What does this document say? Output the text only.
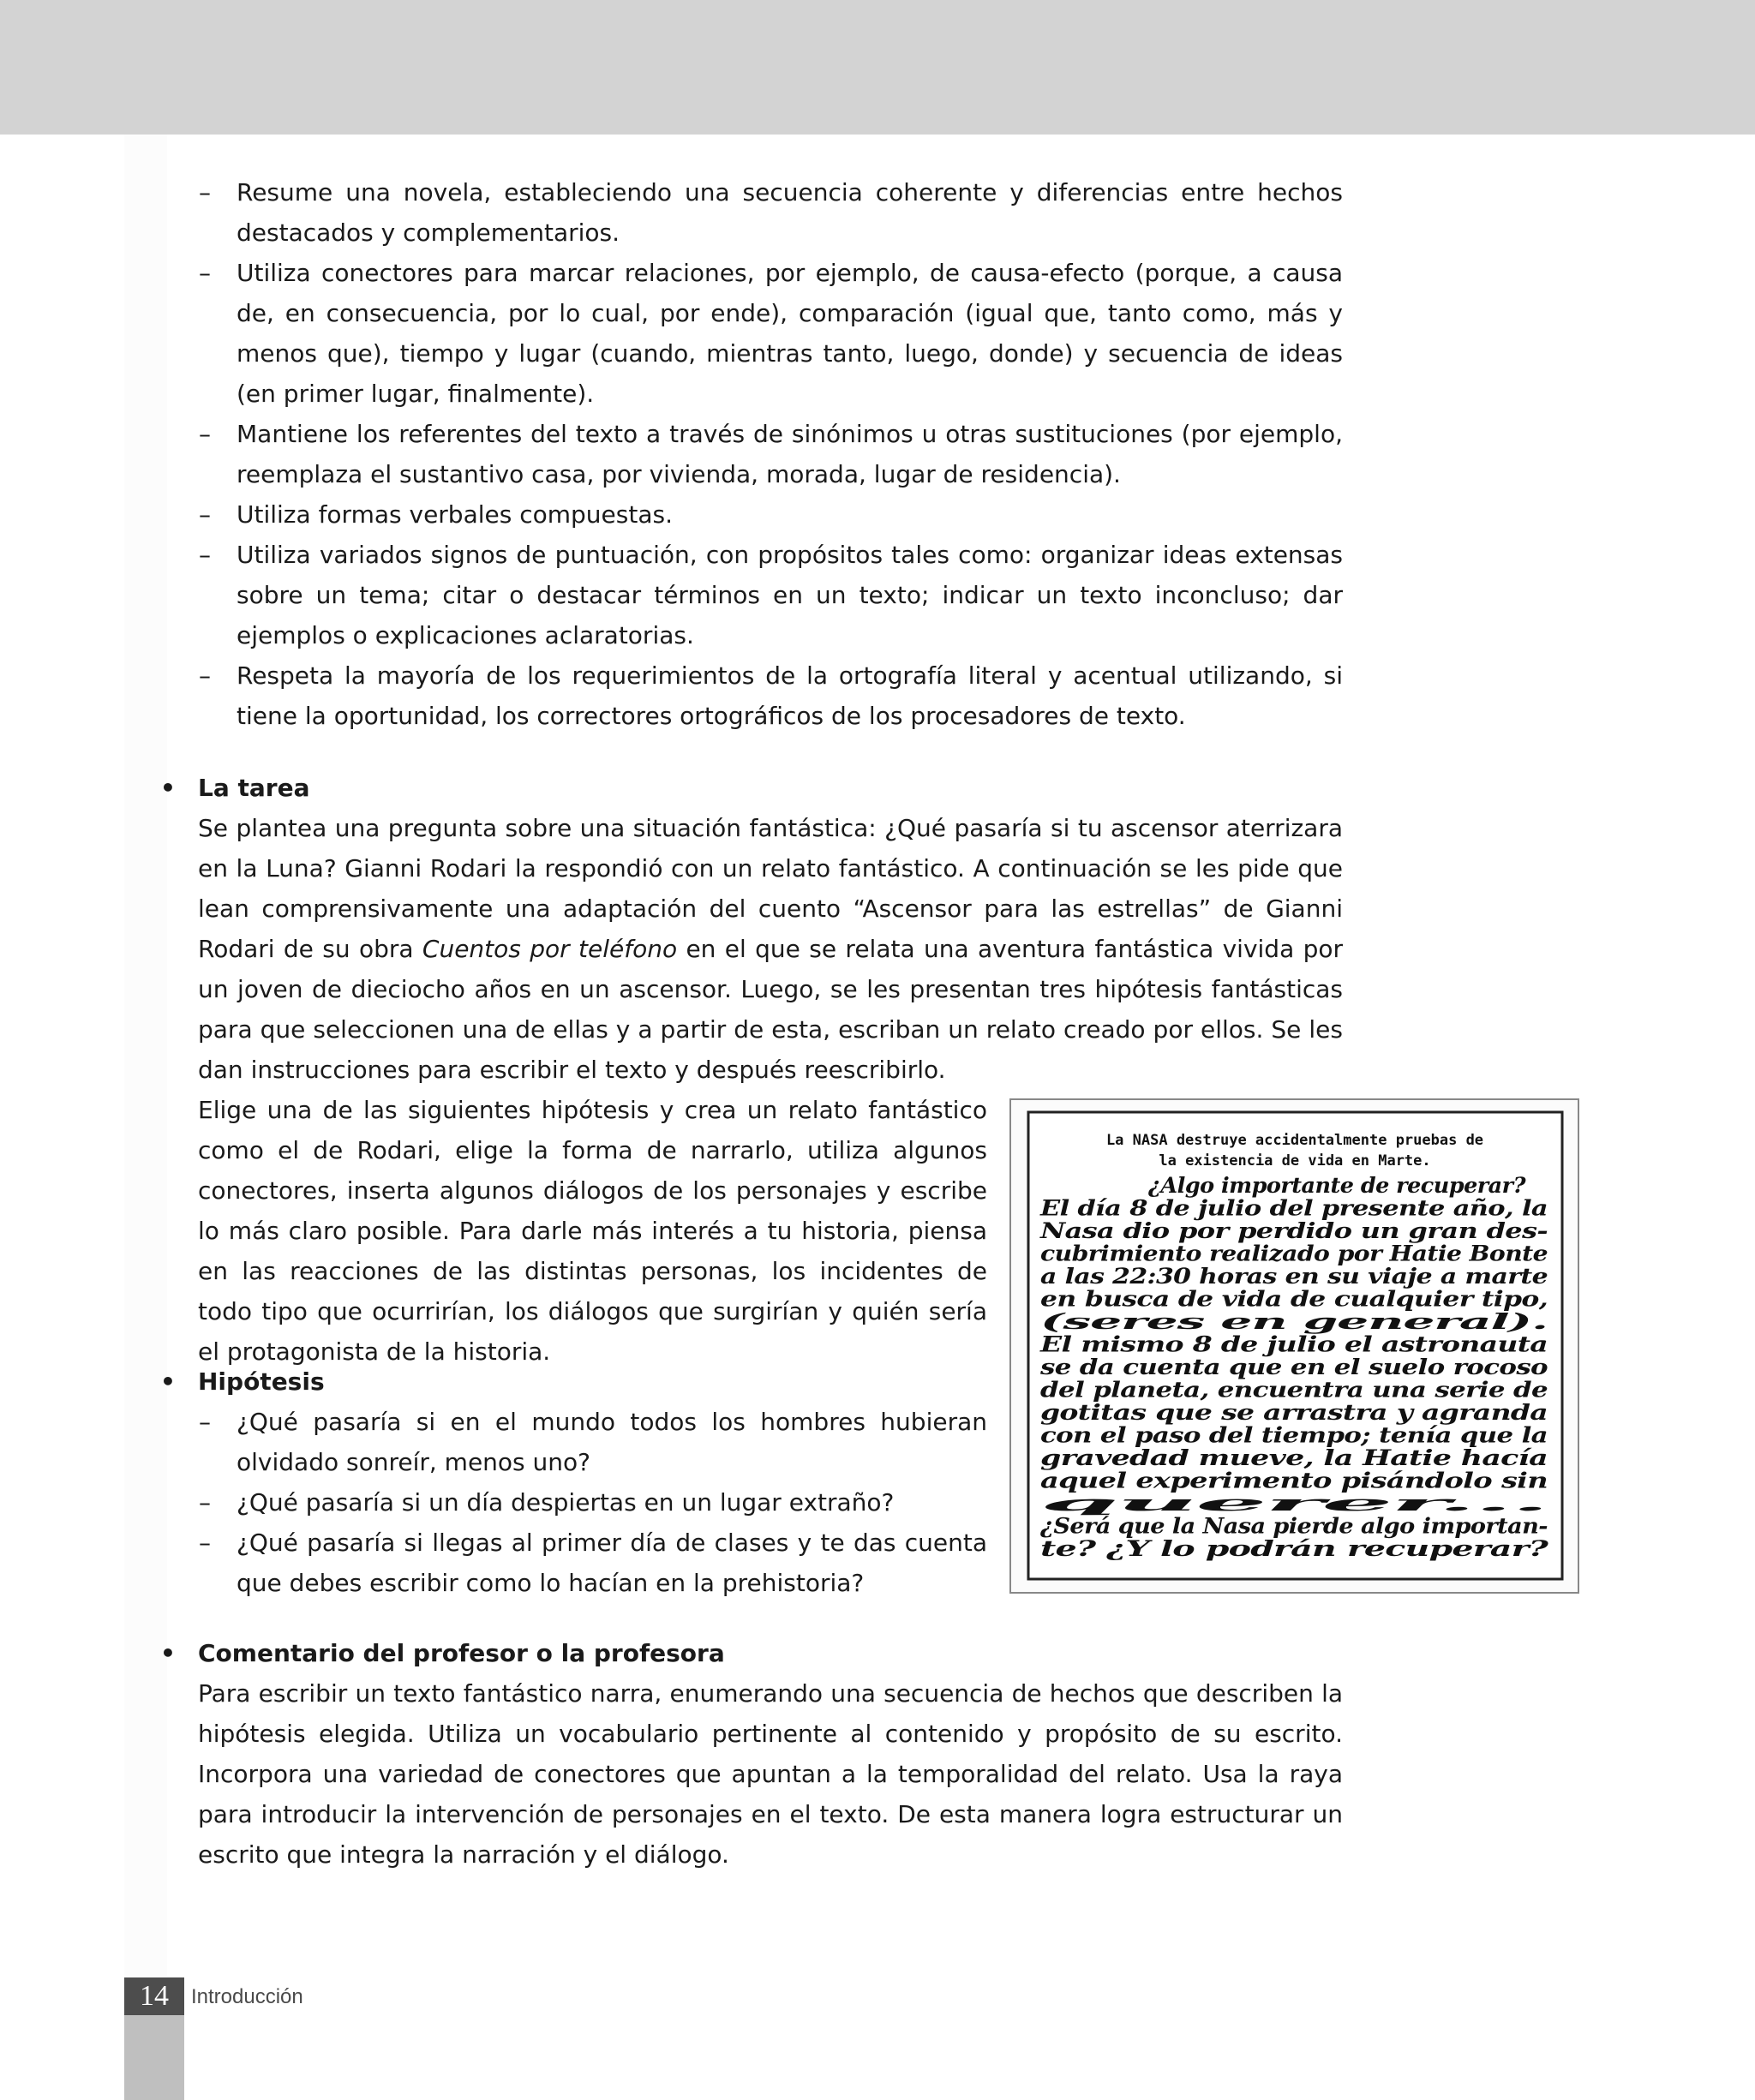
– Resume una novela, estableciendo una secuencia coherente y diferencias entre hechos destacados y complementarios.
– Utiliza conectores para marcar relaciones, por ejemplo, de causa-efecto (porque, a causa de, en consecuencia, por lo cual, por ende), comparación (igual que, tanto como, más y menos que), tiempo y lugar (cuando, mientras tanto, luego, donde) y secuencia de ideas (en primer lugar, finalmente).
– Mantiene los referentes del texto a través de sinónimos u otras sustituciones (por ejemplo, reemplaza el sustantivo casa, por vivienda, morada, lugar de residencia).
– Utiliza formas verbales compuestas.
– Utiliza variados signos de puntuación, con propósitos tales como: organizar ideas extensas sobre un tema; citar o destacar términos en un texto; indicar un texto inconcluso; dar ejemplos o explicaciones aclaratorias.
– Respeta la mayoría de los requerimientos de la ortografía literal y acentual utilizando, si tiene la oportunidad, los correctores ortográficos de los procesadores de texto.
• La tarea

Se plantea una pregunta sobre una situación fantástica: ¿Qué pasaría si tu ascensor aterrizara en la Luna? Gianni Rodari la respondió con un relato fantástico. A continuación se les pide que lean comprensivamente una adaptación del cuento “Ascensor para las estrellas” de Gianni Rodari de su obra Cuentos por teléfono en el que se relata una aventura fantástica vivida por un joven de dieciocho años en un ascensor. Luego, se les presentan tres hipótesis fantásticas para que seleccionen una de ellas y a partir de esta, escriban un relato creado por ellos. Se les dan instrucciones para escribir el texto y después reescribirlo.

Elige una de las siguientes hipótesis y crea un relato fantástico como el de Rodari, elige la forma de narrarlo, utiliza algunos conectores, inserta algunos diálogos de los personajes y escribe lo más claro posible. Para darle más interés a tu historia, piensa en las reacciones de las distintas personas, los incidentes de todo tipo que ocurrirían, los diálogos que surgirían y quién sería el protagonista de la historia.

• Hipótesis
– ¿Qué pasaría si en el mundo todos los hombres hubieran olvidado sonreír, menos uno?
– ¿Qué pasaría si un día despiertas en un lugar extraño?
– ¿Qué pasaría si llegas al primer día de clases y te das cuenta que debes escribir como lo hacían en la prehistoria?
La NASA destruye accidentalmente pruebas de
la existencia de vida en Marte.
¿Algo importante de recuperar?
El día 8 de julio del presente año, la
Nasa dio por perdido un gran des-
cubrimiento realizado por Hatie Bonte
a las 22:30 horas en su viaje a marte
en busca de vida de cualquier tipo,
(seres en general).
El mismo 8 de julio el astronauta
se da cuenta que en el suelo rocoso
del planeta, encuentra una serie de
gotitas que se arrastra y agranda
con el paso del tiempo; tenía que la
gravedad mueve, la Hatie hacía
aquel experimento pisándolo sin
querer...
¿Será que la Nasa pierde algo importan-
te? ¿Y lo podrán recuperar?
• Comentario del profesor o la profesora

Para escribir un texto fantástico narra, enumerando una secuencia de hechos que describen la hipótesis elegida. Utiliza un vocabulario pertinente al contenido y propósito de su escrito. Incorpora una variedad de conectores que apuntan a la temporalidad del relato. Usa la raya para introducir la intervención de personajes en el texto. De esta manera logra estructurar un escrito que integra la narración y el diálogo.

14	Introducción
